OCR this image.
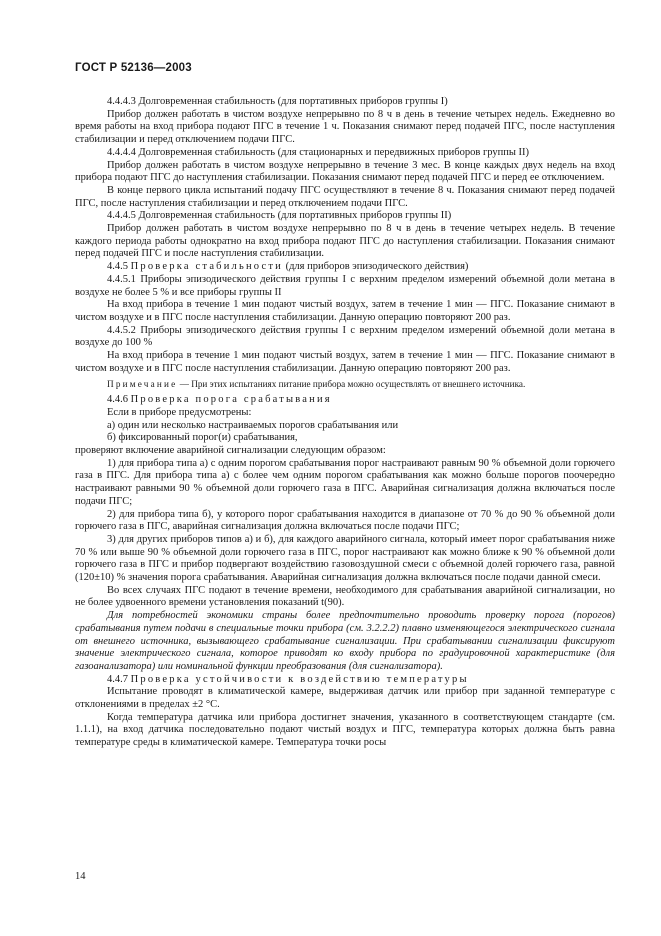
ГОСТ Р 52136—2003

4.4.4.3 Долговременная стабильность (для портативных приборов группы I)

Прибор должен работать в чистом воздухе непрерывно по 8 ч в день в течение четырех недель. Ежедневно во время работы на вход прибора подают ПГС в течение 1 ч. Показания снимают перед подачей ПГС, после наступления стабилизации и перед отключением подачи ПГС.

4.4.4.4 Долговременная стабильность (для стационарных и передвижных приборов группы II)

Прибор должен работать в чистом воздухе непрерывно в течение 3 мес. В конце каждых двух недель на вход прибора подают ПГС до наступления стабилизации. Показания снимают перед подачей ПГС и перед ее отключением.

В конце первого цикла испытаний подачу ПГС осуществляют в течение 8 ч. Показания снимают перед подачей ПГС, после наступления стабилизации и перед отключением подачи ПГС.

4.4.4.5 Долговременная стабильность (для портативных приборов группы II)

Прибор должен работать в чистом воздухе непрерывно по 8 ч в день в течение четырех недель. В течение каждого периода работы однократно на вход прибора подают ПГС до наступления стабилизации. Показания снимают перед подачей ПГС и после наступления стабилизации.

4.4.5 Проверка стабильности (для приборов эпизодического действия)

4.4.5.1 Приборы эпизодического действия группы I с верхним пределом измерений объемной доли метана в воздухе не более 5 % и все приборы группы II

На вход прибора в течение 1 мин подают чистый воздух, затем в течение 1 мин — ПГС. Показание снимают в чистом воздухе и в ПГС после наступления стабилизации. Данную операцию повторяют 200 раз.

4.4.5.2 Приборы эпизодического действия группы I с верхним пределом измерений объемной доли метана в воздухе до 100 %

На вход прибора в течение 1 мин подают чистый воздух, затем в течение 1 мин — ПГС. Показание снимают в чистом воздухе и в ПГС после наступления стабилизации. Данную операцию повторяют 200 раз.

Примечание — При этих испытаниях питание прибора можно осуществлять от внешнего источника.

4.4.6 Проверка порога срабатывания

Если в приборе предусмотрены:

а) один или несколько настраиваемых порогов срабатывания или

б) фиксированный порог(и) срабатывания,

проверяют включение аварийной сигнализации следующим образом:

1) для прибора типа а) с одним порогом срабатывания порог настраивают равным 90 % объемной доли горючего газа в ПГС. Для прибора типа а) с более чем одним порогом срабатывания как можно больше порогов поочередно настраивают равными 90 % объемной доли горючего газа в ПГС. Аварийная сигнализация должна включаться после подачи ПГС;

2) для прибора типа б), у которого порог срабатывания находится в диапазоне от 70 % до 90 % объемной доли горючего газа в ПГС, аварийная сигнализация должна включаться после подачи ПГС;

3) для других приборов типов а) и б), для каждого аварийного сигнала, который имеет порог срабатывания ниже 70 % или выше 90 % объемной доли горючего газа в ПГС, порог настраивают как можно ближе к 90 % объемной доли горючего газа в ПГС и прибор подвергают воздействию газовоздушной смеси с объемной долей горючего газа, равной (120±10) % значения порога срабатывания. Аварийная сигнализация должна включаться после подачи данной смеси.

Во всех случаях ПГС подают в течение времени, необходимого для срабатывания аварийной сигнализации, но не более удвоенного времени установления показаний t(90).

Для потребностей экономики страны более предпочтительно проводить проверку порога (порогов) срабатывания путем подачи в специальные точки прибора (см. 3.2.2.2) плавно изменяющегося электрического сигнала от внешнего источника, вызывающего срабатывание сигнализации. При срабатывании сигнализации фиксируют значение электрического сигнала, которое приводят ко входу прибора по градуировочной характеристике (для газоанализатора) или номинальной функции преобразования (для сигнализатора).

4.4.7 Проверка устойчивости к воздействию температуры

Испытание проводят в климатической камере, выдерживая датчик или прибор при заданной температуре с отклонениями в пределах ±2 °С.

Когда температура датчика или прибора достигнет значения, указанного в соответствующем стандарте (см. 1.1.1), на вход датчика последовательно подают чистый воздух и ПГС, температура которых должна быть равна температуре среды в климатической камере. Температура точки росы

14
